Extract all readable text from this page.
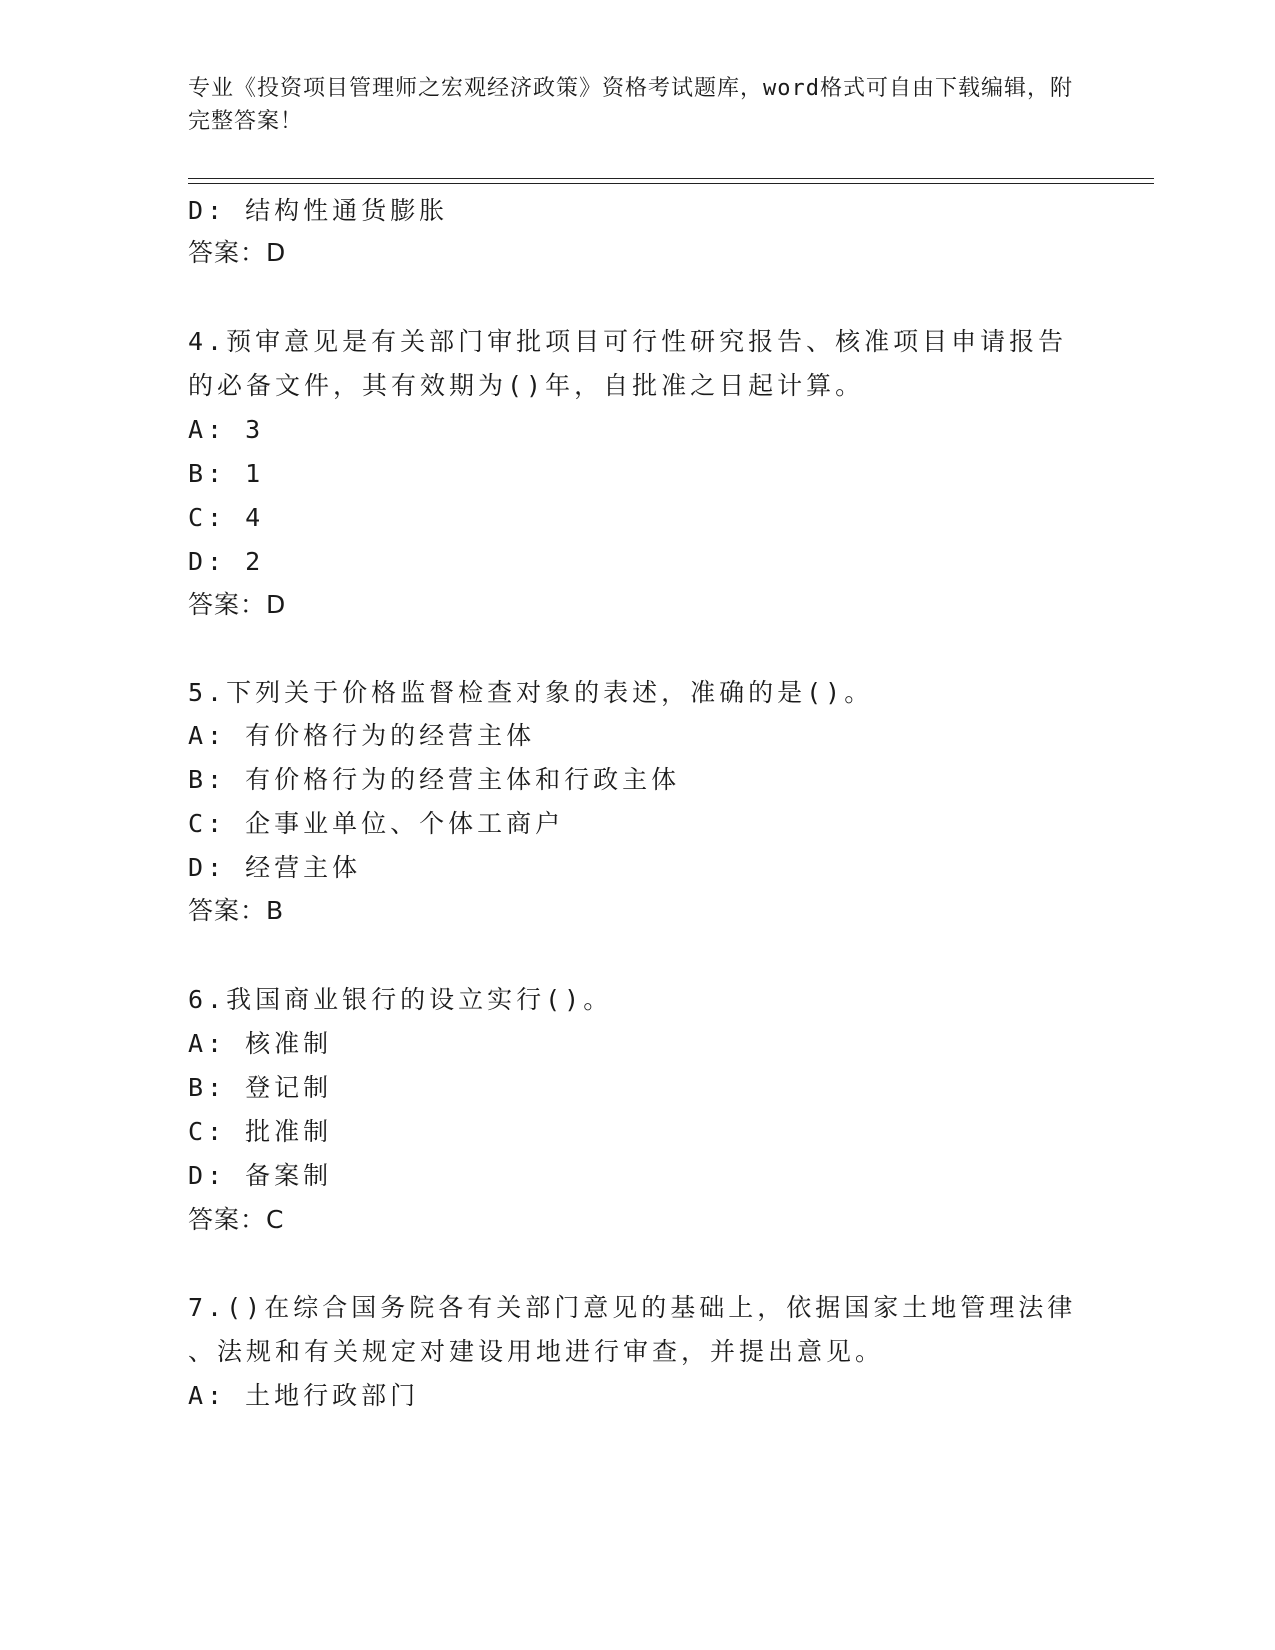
专业《投资项目管理师之宏观经济政策》资格考试题库，word格式可自由下载编辑，附完整答案！
D: 结构性通货膨胀
答案：D
4.预审意见是有关部门审批项目可行性研究报告、核准项目申请报告
的必备文件，其有效期为()年，自批准之日起计算。
A: 3
B: 1
C: 4
D: 2
答案：D
5.下列关于价格监督检查对象的表述，准确的是()。
A: 有价格行为的经营主体
B: 有价格行为的经营主体和行政主体
C: 企事业单位、个体工商户
D: 经营主体
答案：B
6.我国商业银行的设立实行()。
A: 核准制
B: 登记制
C: 批准制
D: 备案制
答案：C
7.()在综合国务院各有关部门意见的基础上，依据国家土地管理法律
、法规和有关规定对建设用地进行审查，并提出意见。
A: 土地行政部门
